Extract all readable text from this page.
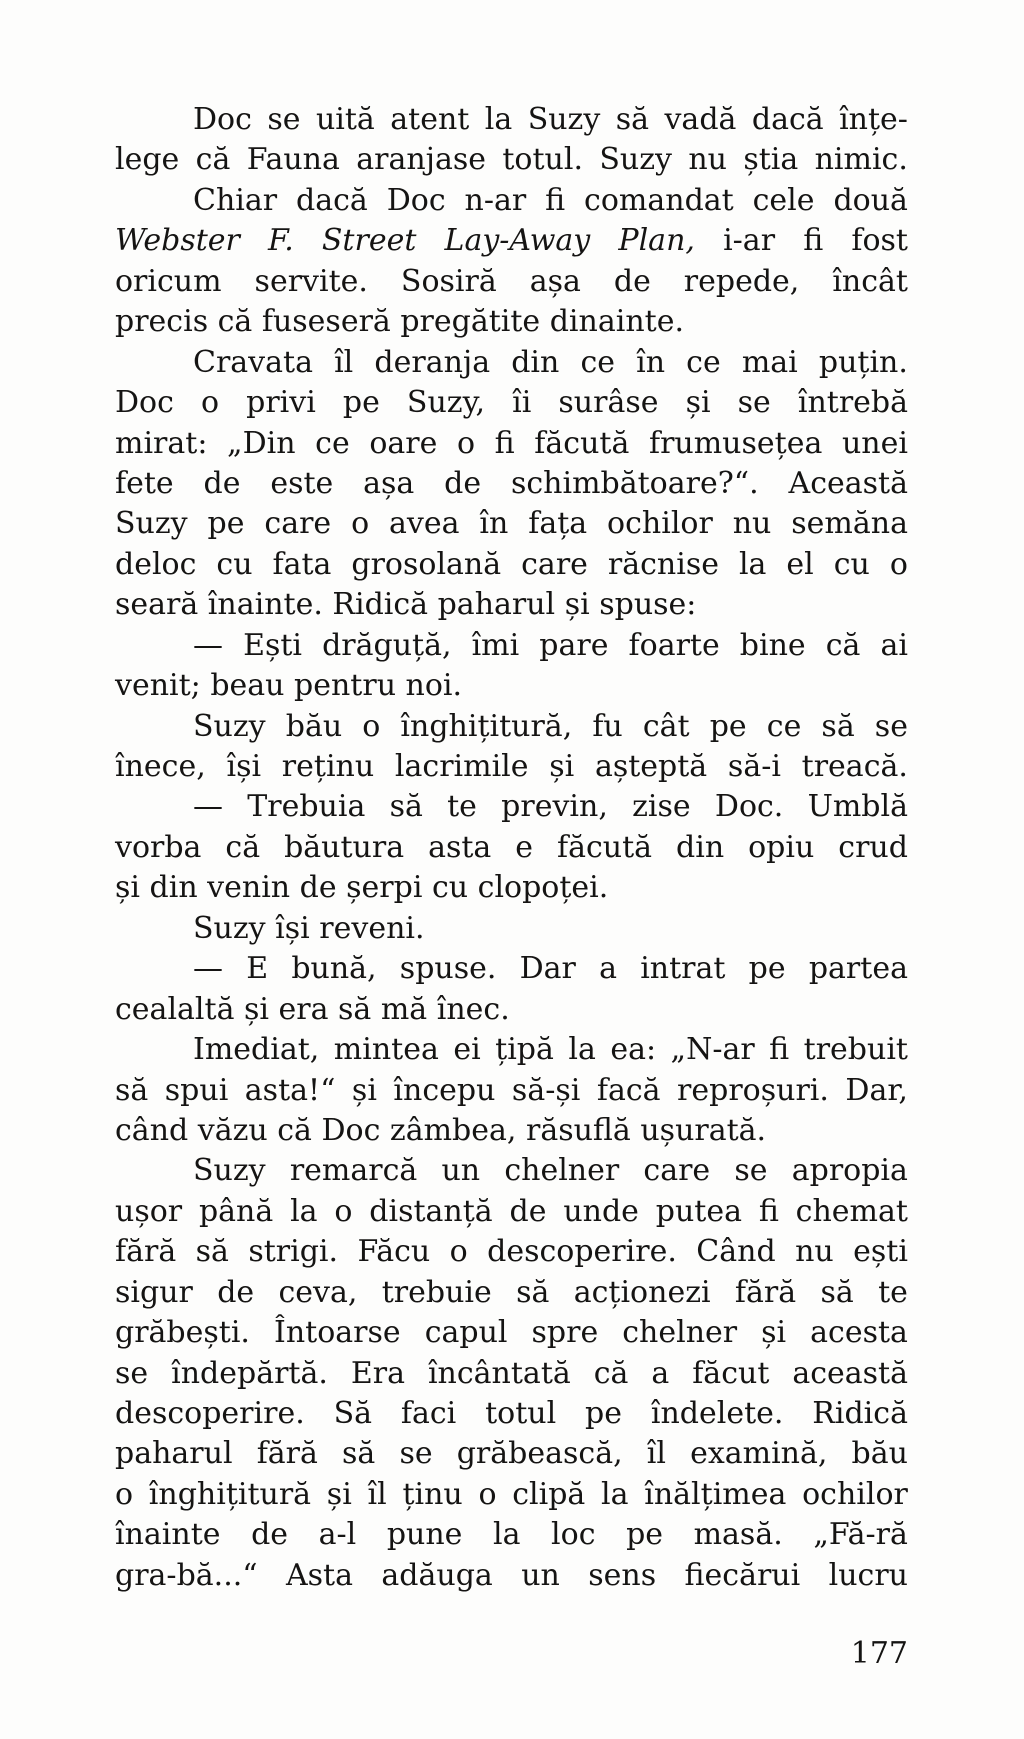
Doc se uită atent la Suzy să vadă dacă înțe-
lege că Fauna aranjase totul. Suzy nu știa nimic.
Chiar dacă Doc n-ar fi comandat cele două
Webster F. Street Lay-Away Plan, i-ar fi fost
oricum servite. Sosiră așa de repede, încât
precis că fuseseră pregătite dinainte.
Cravata îl deranja din ce în ce mai puțin.
Doc o privi pe Suzy, îi surâse și se întrebă
mirat: „Din ce oare o fi făcută frumusețea unei
fete de este așa de schimbătoare?“. Această
Suzy pe care o avea în fața ochilor nu semăna
deloc cu fata grosolană care răcnise la el cu o
seară înainte. Ridică paharul și spuse:
— Ești drăguță, îmi pare foarte bine că ai
venit; beau pentru noi.
Suzy bău o înghițitură, fu cât pe ce să se
înece, își reținu lacrimile și așteptă să-i treacă.
— Trebuia să te previn, zise Doc. Umblă
vorba că băutura asta e făcută din opiu crud
și din venin de șerpi cu clopoței.
Suzy își reveni.
— E bună, spuse. Dar a intrat pe partea
cealaltă și era să mă înec.
Imediat, mintea ei țipă la ea: „N-ar fi trebuit
să spui asta!“ și începu să-și facă reproșuri. Dar,
când văzu că Doc zâmbea, răsuflă ușurată.
Suzy remarcă un chelner care se apropia
ușor până la o distanță de unde putea fi chemat
fără să strigi. Făcu o descoperire. Când nu ești
sigur de ceva, trebuie să acționezi fără să te
grăbești. Întoarse capul spre chelner și acesta
se îndepărtă. Era încântată că a făcut această
descoperire. Să faci totul pe îndelete. Ridică
paharul fără să se grăbească, îl examină, bău
o înghițitură și îl ținu o clipă la înălțimea ochilor
înainte de a-l pune la loc pe masă. „Fă-ră
gra-bă...“ Asta adăuga un sens fiecărui lucru
177
